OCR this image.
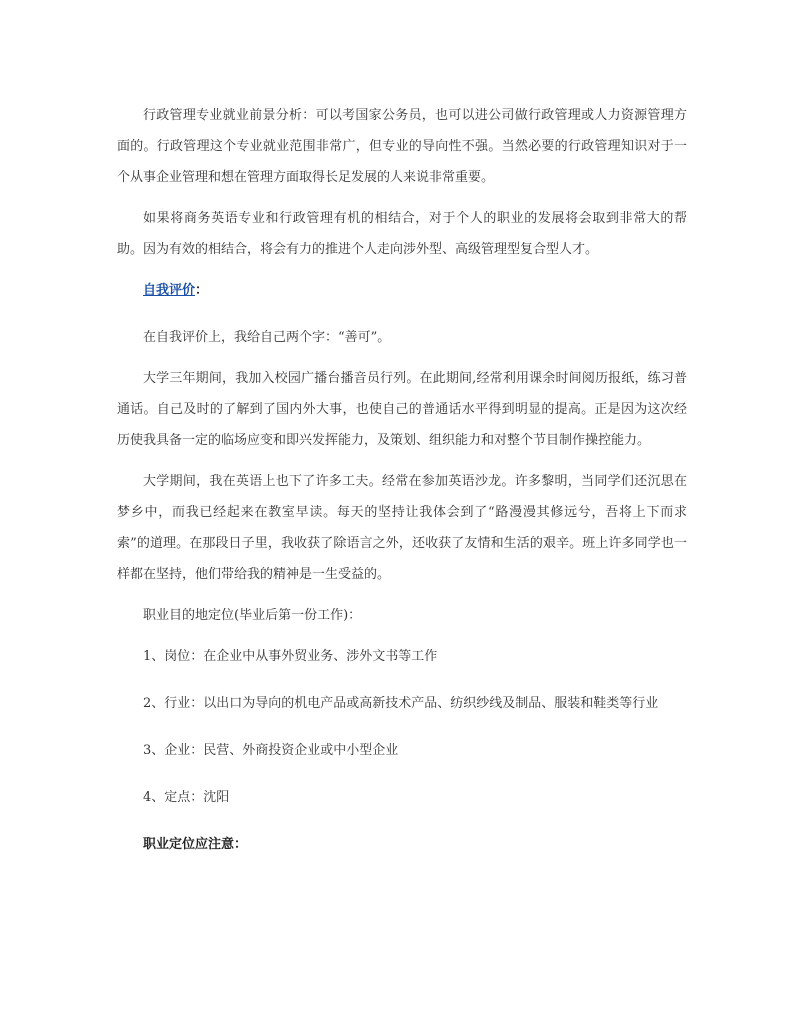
行政管理专业就业前景分析：可以考国家公务员，也可以进公司做行政管理或人力资源管理方面的。行政管理这个专业就业范围非常广，但专业的导向性不强。当然必要的行政管理知识对于一个从事企业管理和想在管理方面取得长足发展的人来说非常重要。

如果将商务英语专业和行政管理有机的相结合，对于个人的职业的发展将会取到非常大的帮助。因为有效的相结合，将会有力的推进个人走向涉外型、高级管理型复合型人才。

自我评价：

在自我评价上，我给自己两个字：“善可”。

大学三年期间，我加入校园广播台播音员行列。在此期间,经常利用课余时间阅历报纸，练习普通话。自己及时的了解到了国内外大事，也使自己的普通话水平得到明显的提高。正是因为这次经历使我具备一定的临场应变和即兴发挥能力，及策划、组织能力和对整个节目制作操控能力。

大学期间，我在英语上也下了许多工夫。经常在参加英语沙龙。许多黎明，当同学们还沉思在梦乡中，而我已经起来在教室早读。每天的坚持让我体会到了“路漫漫其修远兮，吾将上下而求索”的道理。在那段日子里，我收获了除语言之外，还收获了友情和生活的艰辛。班上许多同学也一样都在坚持，他们带给我的精神是一生受益的。

职业目的地定位(毕业后第一份工作)：

1、岗位：在企业中从事外贸业务、涉外文书等工作

2、行业：以出口为导向的机电产品或高新技术产品、纺织纱线及制品、服装和鞋类等行业

3、企业：民营、外商投资企业或中小型企业

4、定点：沈阳

职业定位应注意：
